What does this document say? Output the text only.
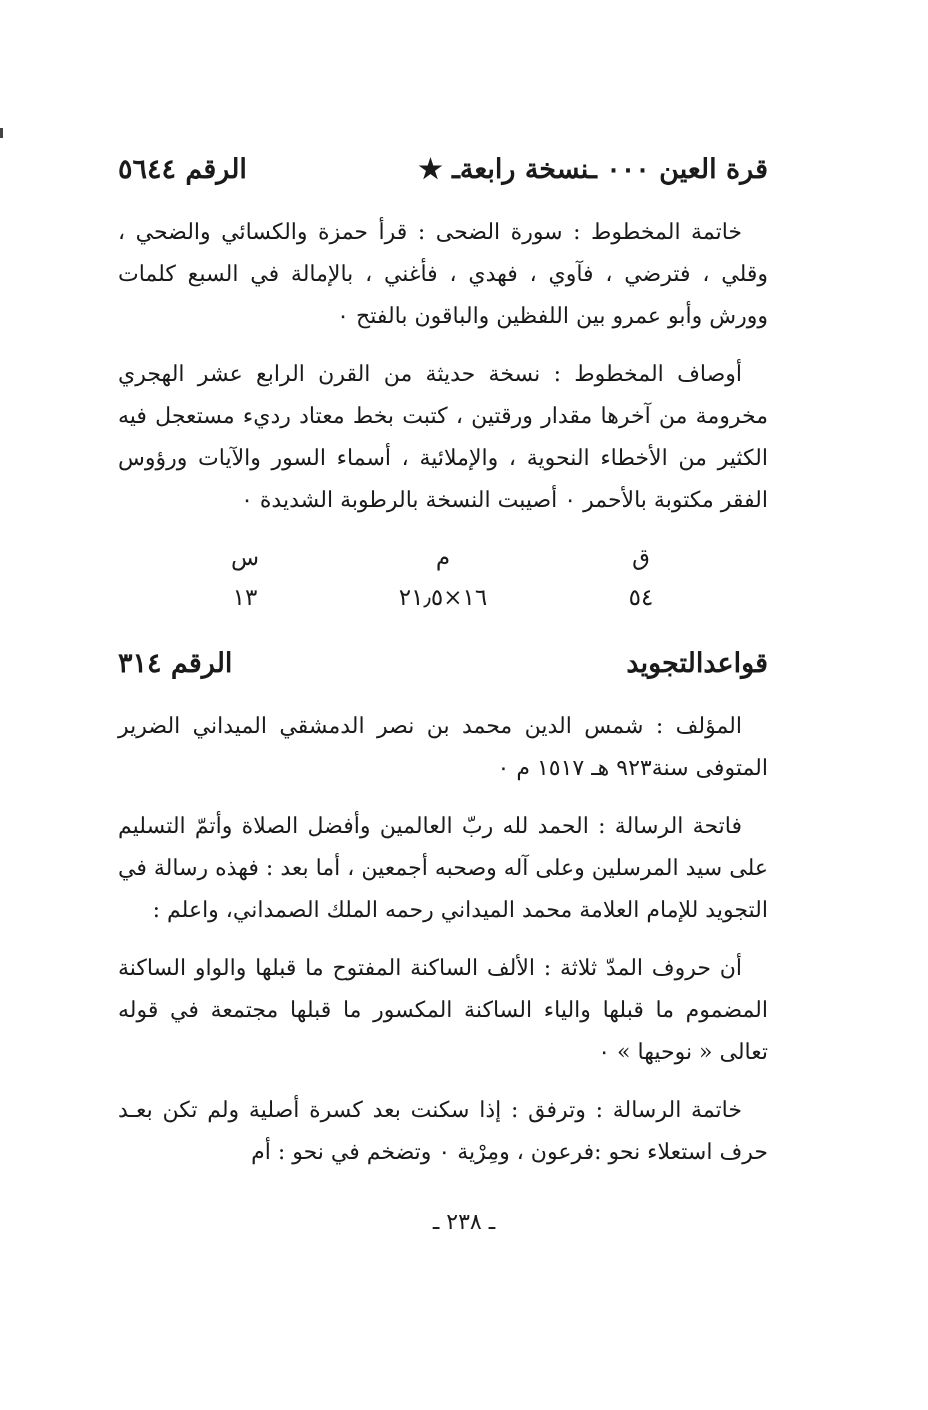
قرة العين ٠٠٠ ـنسخة رابعةـ ★
الرقم ٥٦٤٤

خاتمة المخطوط : سورة الضحى : قرأ حمزة والكسائي والضحي ، وقلي ، فترضي ، فآوي ، فهدي ، فأغني ، بالإمالة في السبع كلمات وورش وأبو عمرو بين اللفظين والباقون بالفتح ٠

أوصاف المخطوط : نسخة حديثة من القرن الرابع عشر الهجري مخرومة من آخرها مقدار ورقتين ، كتبت بخط معتاد رديء مستعجل فيه الكثير من الأخطاء النحوية ، والإملائية ، أسماء السور والآيات ورؤوس الفقر مكتوبة بالأحمر ٠ أصيبت النسخة بالرطوبة الشديدة ٠

ق
م
س
٥٤
١٦×٢١٫٥
١٣
قواعدالتجويد
الرقم ٣١٤

المؤلف : شمس الدين محمد بن نصر الدمشقي الميداني الضرير المتوفى سنة٩٢٣ هـ ١٥١٧ م ٠

فاتحة الرسالة : الحمد لله ربّ العالمين وأفضل الصلاة وأتمّ التسليم على سيد المرسلين وعلى آله وصحبه أجمعين ، أما بعد : فهذه رسالة في التجويد للإمام العلامة محمد الميداني رحمه الملك الصمداني، واعلم :

أن حروف المدّ ثلاثة : الألف الساكنة المفتوح ما قبلها والواو الساكنة المضموم ما قبلها والياء الساكنة المكسور ما قبلها مجتمعة في قوله تعالى « نوحيها » ٠

خاتمة الرسالة : وترفق : إذا سكنت بعد كسرة أصلية ولم تكن بعـد حرف استعلاء نحو :فرعون ، ومِرْية ٠ وتضخم في نحو : أم

ـ ٢٣٨ ـ
